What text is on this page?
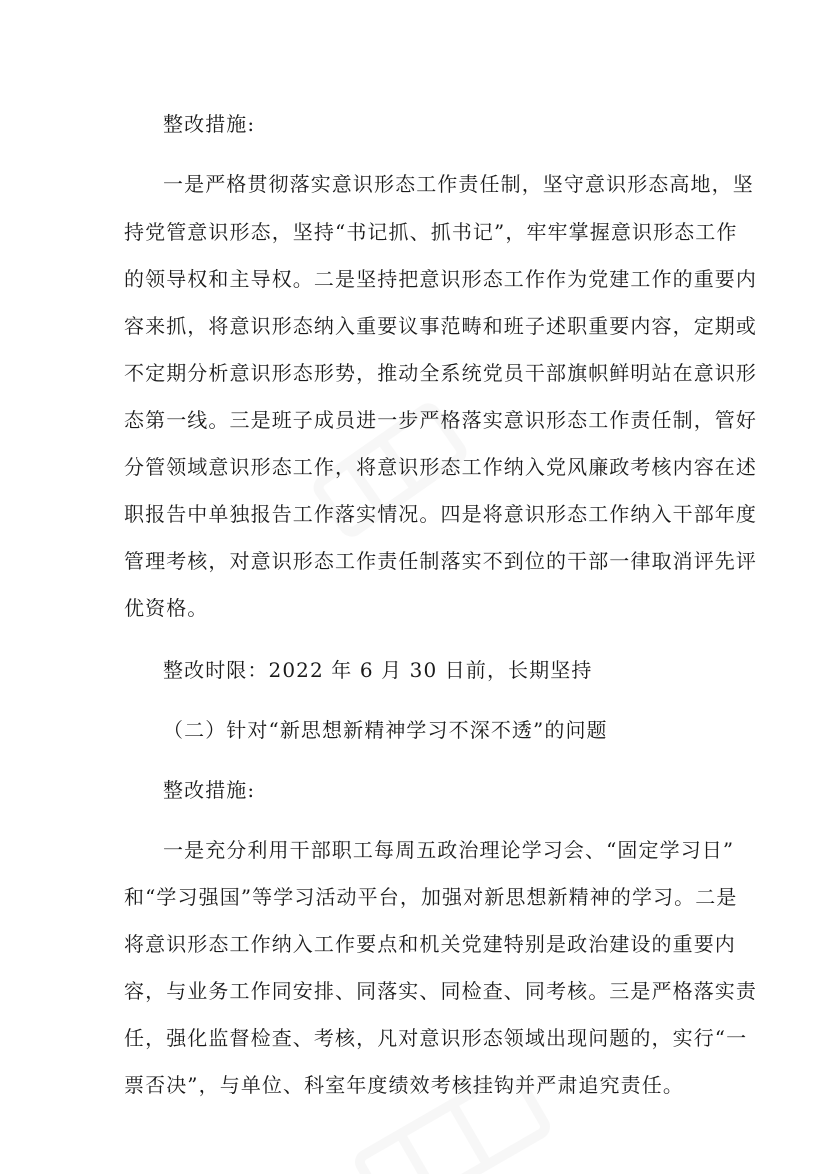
整改措施:
一是严格贯彻落实意识形态工作责任制，坚守意识形态高地，坚
持党管意识形态，坚持“书记抓、抓书记”，牢牢掌握意识形态工作
的领导权和主导权。二是坚持把意识形态工作作为党建工作的重要内
容来抓，将意识形态纳入重要议事范畴和班子述职重要内容，定期或
不定期分析意识形态形势，推动全系统党员干部旗帜鲜明站在意识形
态第一线。三是班子成员进一步严格落实意识形态工作责任制，管好
分管领域意识形态工作，将意识形态工作纳入党风廉政考核内容在述
职报告中单独报告工作落实情况。四是将意识形态工作纳入干部年度
管理考核，对意识形态工作责任制落实不到位的干部一律取消评先评
优资格。
整改时限：2022 年 6 月 30 日前，长期坚持
（二）针对“新思想新精神学习不深不透”的问题
整改措施:
一是充分利用干部职工每周五政治理论学习会、“固定学习日”
和“学习强国”等学习活动平台，加强对新思想新精神的学习。二是
将意识形态工作纳入工作要点和机关党建特别是政治建设的重要内
容，与业务工作同安排、同落实、同检查、同考核。三是严格落实责
任，强化监督检查、考核，凡对意识形态领域出现问题的，实行“一
票否决”，与单位、科室年度绩效考核挂钩并严肃追究责任。
